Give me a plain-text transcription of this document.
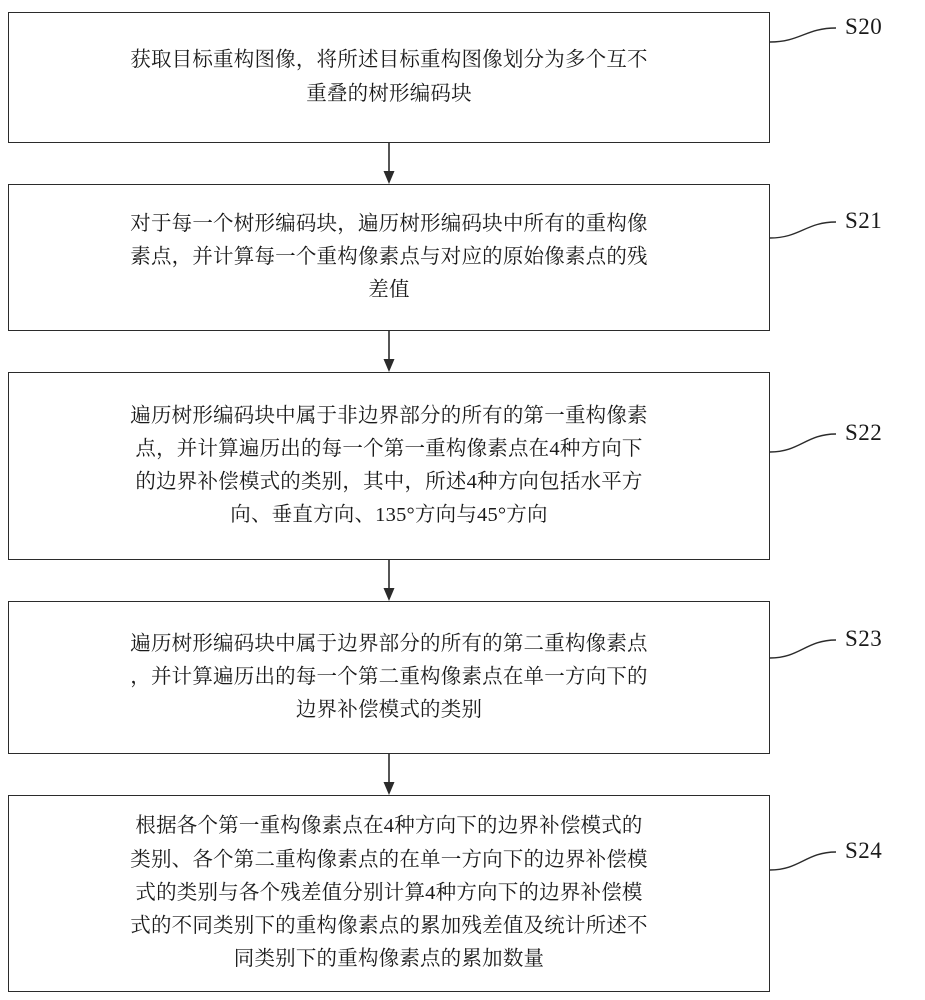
获取目标重构图像，将所述目标重构图像划分为多个互不
重叠的树形编码块
S20
对于每一个树形编码块，遍历树形编码块中所有的重构像
素点，并计算每一个重构像素点与对应的原始像素点的残
差值
S21
遍历树形编码块中属于非边界部分的所有的第一重构像素
点，并计算遍历出的每一个第一重构像素点在4种方向下
的边界补偿模式的类别，其中，所述4种方向包括水平方
向、垂直方向、135°方向与45°方向
S22
遍历树形编码块中属于边界部分的所有的第二重构像素点
，并计算遍历出的每一个第二重构像素点在单一方向下的
边界补偿模式的类别
S23
根据各个第一重构像素点在4种方向下的边界补偿模式的
类别、各个第二重构像素点的在单一方向下的边界补偿模
式的类别与各个残差值分别计算4种方向下的边界补偿模
式的不同类别下的重构像素点的累加残差值及统计所述不
同类别下的重构像素点的累加数量
S24
